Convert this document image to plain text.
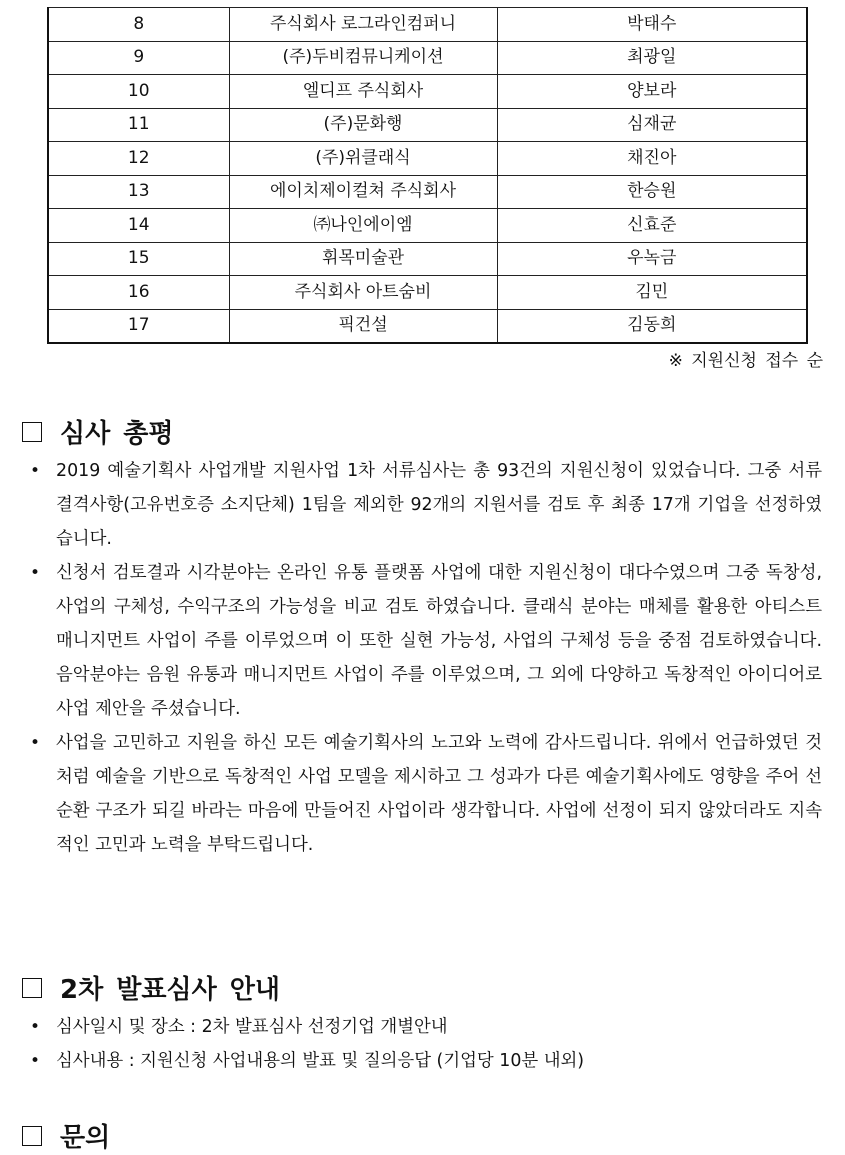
8	주식회사 로그라인컴퍼니	박태수
9	(주)두비컴뮤니케이션	최광일
10	엘디프 주식회사	양보라
11	(주)문화행	심재균
12	(주)위클래식	채진아
13	에이치제이컬쳐 주식회사	한승원
14	㈜나인에이엠	신효준
15	휘목미술관	우녹금
16	주식회사 아트숨비	김민
17	픽건설	김동희
※ 지원신청 접수 순
심사 총평
• 2019 예술기획사 사업개발 지원사업 1차 서류심사는 총 93건의 지원신청이 있었습니다. 그중 서류 결격사항(고유번호증 소지단체) 1팀을 제외한 92개의 지원서를 검토 후 최종 17개 기업을 선정하였습니다.
• 신청서 검토결과 시각분야는 온라인 유통 플랫폼 사업에 대한 지원신청이 대다수였으며 그중 독창성, 사업의 구체성, 수익구조의 가능성을 비교 검토 하였습니다. 클래식 분야는 매체를 활용한 아티스트 매니지먼트 사업이 주를 이루었으며 이 또한 실현 가능성, 사업의 구체성 등을 중점 검토하였습니다. 음악분야는 음원 유통과 매니지먼트 사업이 주를 이루었으며, 그 외에 다양하고 독창적인 아이디어로 사업 제안을 주셨습니다.
• 사업을 고민하고 지원을 하신 모든 예술기획사의 노고와 노력에 감사드립니다. 위에서 언급하였던 것처럼 예술을 기반으로 독창적인 사업 모델을 제시하고 그 성과가 다른 예술기획사에도 영향을 주어 선순환 구조가 되길 바라는 마음에 만들어진 사업이라 생각합니다. 사업에 선정이 되지 않았더라도 지속적인 고민과 노력을 부탁드립니다.
2차 발표심사 안내
• 심사일시 및 장소 : 2차 발표심사 선정기업 개별안내
• 심사내용 : 지원신청 사업내용의 발표 및 질의응답 (기업당 10분 내외)
문의
